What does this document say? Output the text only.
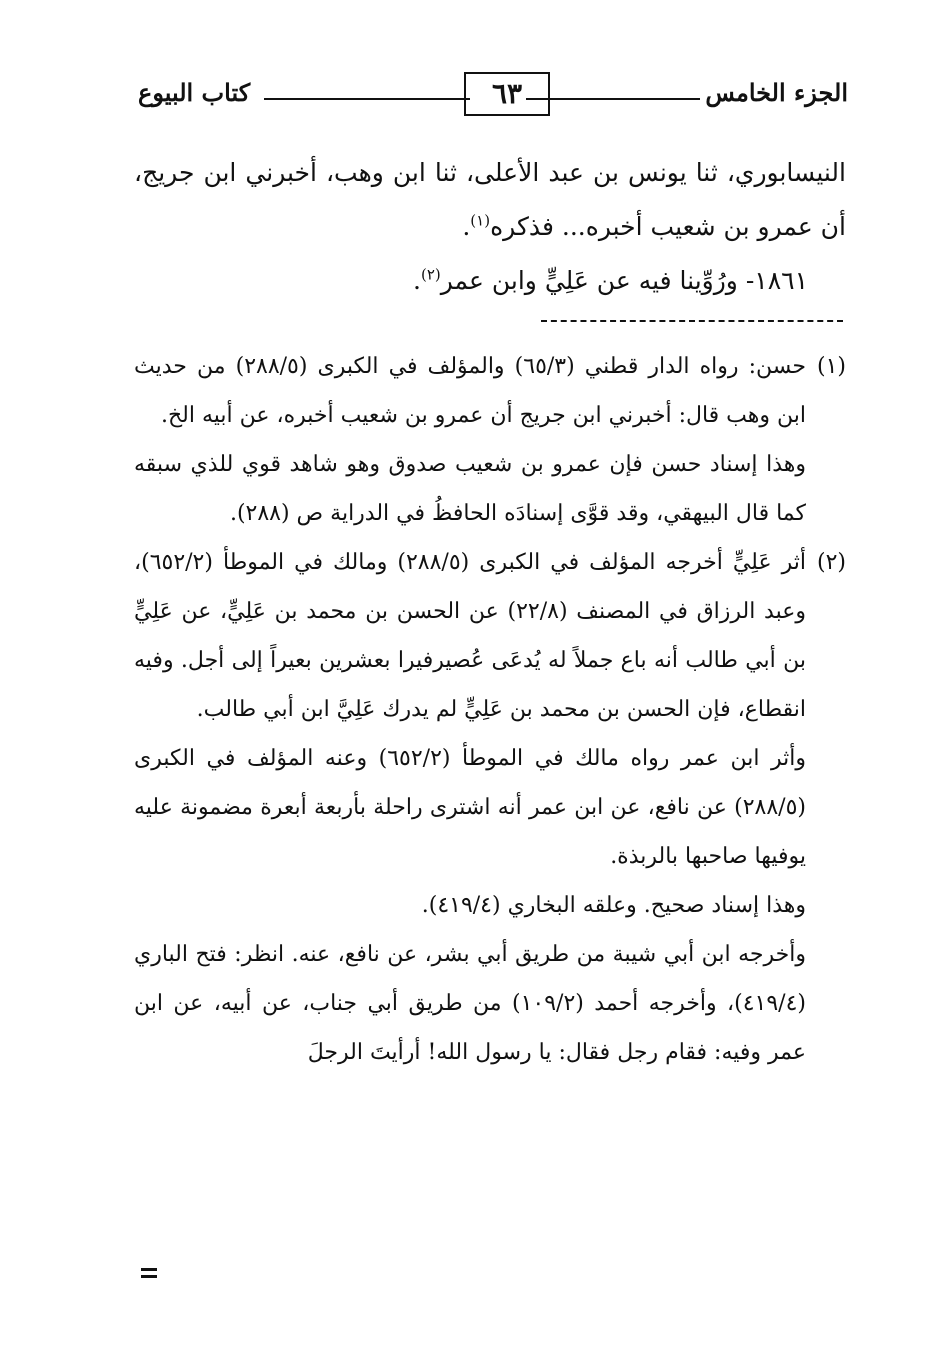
الجزء الخامس
٦٣
كتاب البيوع

النيسابوري، ثنا يونس بن عبد الأعلى، ثنا ابن وهب، أخبرني ابن جريج، أن عمرو بن شعيب أخبره... فذكره$^{(١)}$.

١٨٦١- ورُوِّينا فيه عن عَلِيٍّ وابن عمر$^{(٢)}$.

(١)
حسن: رواه الدار قطني (٦٥/٣) والمؤلف في الكبرى (٢٨٨/٥) من حديث ابن وهب قال: أخبرني ابن جريج أن عمرو بن شعيب أخبره، عن أبيه الخ.

وهذا إسناد حسن فإن عمرو بن شعيب صدوق وهو شاهد قوي للذي سبقه كما قال البيهقي، وقد قوَّى إسنادَه الحافظُ في الدراية ص (٢٨٨).

(٢)
أثر عَلِيٍّ أخرجه المؤلف في الكبرى (٢٨٨/٥) ومالك في الموطأ (٦٥٢/٢)، وعبد الرزاق في المصنف (٢٢/٨) عن الحسن بن محمد بن عَلِيٍّ، عن عَلِيٍّ بن أبي طالب أنه باع جملاً له يُدعَى عُصيرفيرا بعشرين بعيراً إلى أجل. وفيه انقطاع، فإن الحسن بن محمد بن عَلِيٍّ لم يدرك عَلِيَّ ابن أبي طالب.

وأثر ابن عمر رواه مالك في الموطأ (٦٥٢/٢) وعنه المؤلف في الكبرى (٢٨٨/٥) عن نافع، عن ابن عمر أنه اشترى راحلة بأربعة أبعرة مضمونة عليه يوفيها صاحبها بالربذة.

وهذا إسناد صحيح. وعلقه البخاري (٤١٩/٤).

وأخرجه ابن أبي شيبة من طريق أبي بشر، عن نافع، عنه. انظر: فتح الباري (٤١٩/٤)، وأخرجه أحمد (١٠٩/٢) من طريق أبي جناب، عن أبيه، عن ابن عمر وفيه: فقام رجل فقال: يا رسول الله! أرأيتَ الرجلَ
